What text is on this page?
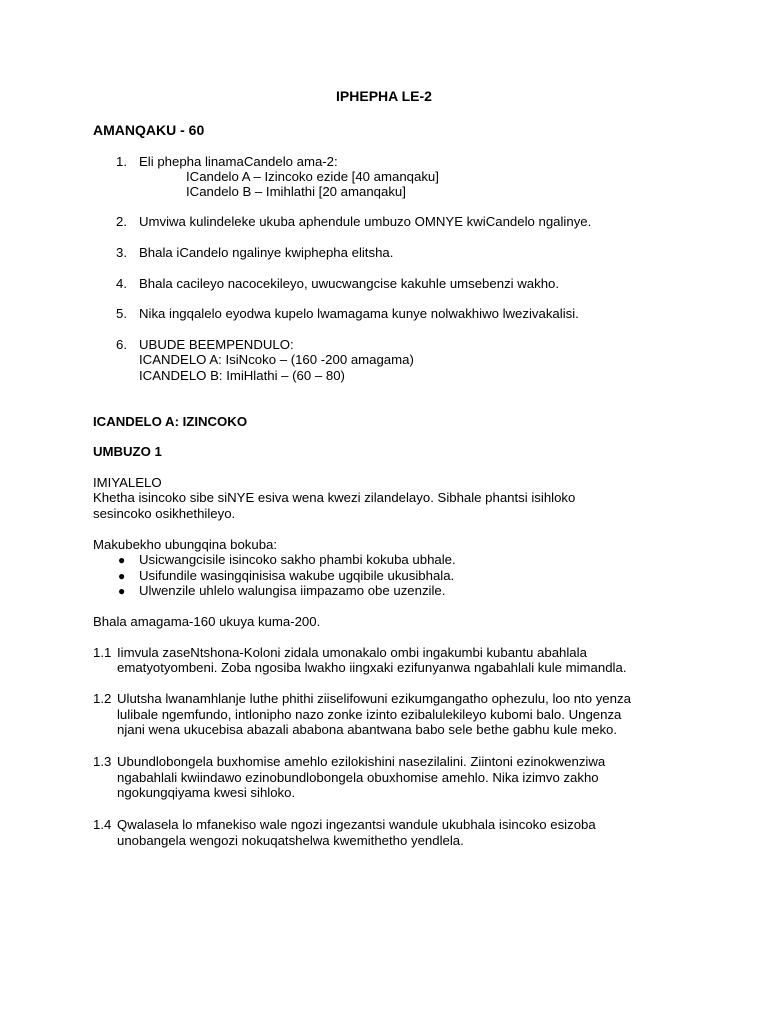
IPHEPHA LE-2
AMANQAKU - 60
1. Eli phepha linamaCandelo ama-2:
ICandelo A – Izincoko ezide [40 amanqaku]
ICandelo B – Imihlathi [20 amanqaku]
2. Umviwa kulindeleke ukuba aphendule umbuzo OMNYE kwiCandelo ngalinye.
3. Bhala iCandelo ngalinye kwiphepha elitsha.
4. Bhala cacileyo nacocekileyo, uwucwangcise kakuhle umsebenzi wakho.
5. Nika ingqalelo eyodwa kupelo lwamagama kunye nolwakhiwo lwezivakalisi.
6. UBUDE BEEMPENDULO:
ICANDELO A: IsiNcoko – (160 -200 amagama)
ICANDELO B: ImiHlathi – (60 – 80)
ICANDELO A: IZINCOKO
UMBUZO 1
IMIYALELO
Khetha isincoko sibe siNYE esiva wena kwezi zilandelayo. Sibhale phantsi isihloko
sesincoko osikhethileyo.
Makubekho ubungqina bokuba:
● Usicwangcisile isincoko sakho phambi kokuba ubhale.
● Usifundile wasingqinisisa wakube ugqibile ukusibhala.
● Ulwenzile uhlelo walungisa iimpazamo obe uzenzile.
Bhala amagama-160 ukuya kuma-200.
1.1 Iimvula zaseNtshona-Koloni zidala umonakalo ombi ingakumbi kubantu abahlala
ematyotyombeni. Zoba ngosiba lwakho iingxaki ezifunyanwa ngabahlali kule mimandla.
1.2 Ulutsha lwanamhlanje luthe phithi ziiselifowuni ezikumgangatho ophezulu, loo nto yenza
lulibale ngemfundo, intlonipho nazo zonke izinto ezibalulekileyo kubomi balo. Ungenza
njani wena ukucebisa abazali ababona abantwana babo sele bethe gabhu kule meko.
1.3 Ubundlobongela buxhomise amehlo ezilokishini nasezilalini. Ziintoni ezinokwenziwa
ngabahlali kwiindawo ezinobundlobongela obuxhomise amehlo. Nika izimvo zakho
ngokungqiyama kwesi sihloko.
1.4 Qwalasela lo mfanekiso wale ngozi ingezantsi wandule ukubhala isincoko esizoba
unobangela wengozi nokuqatshelwa kwemithetho yendlela.
